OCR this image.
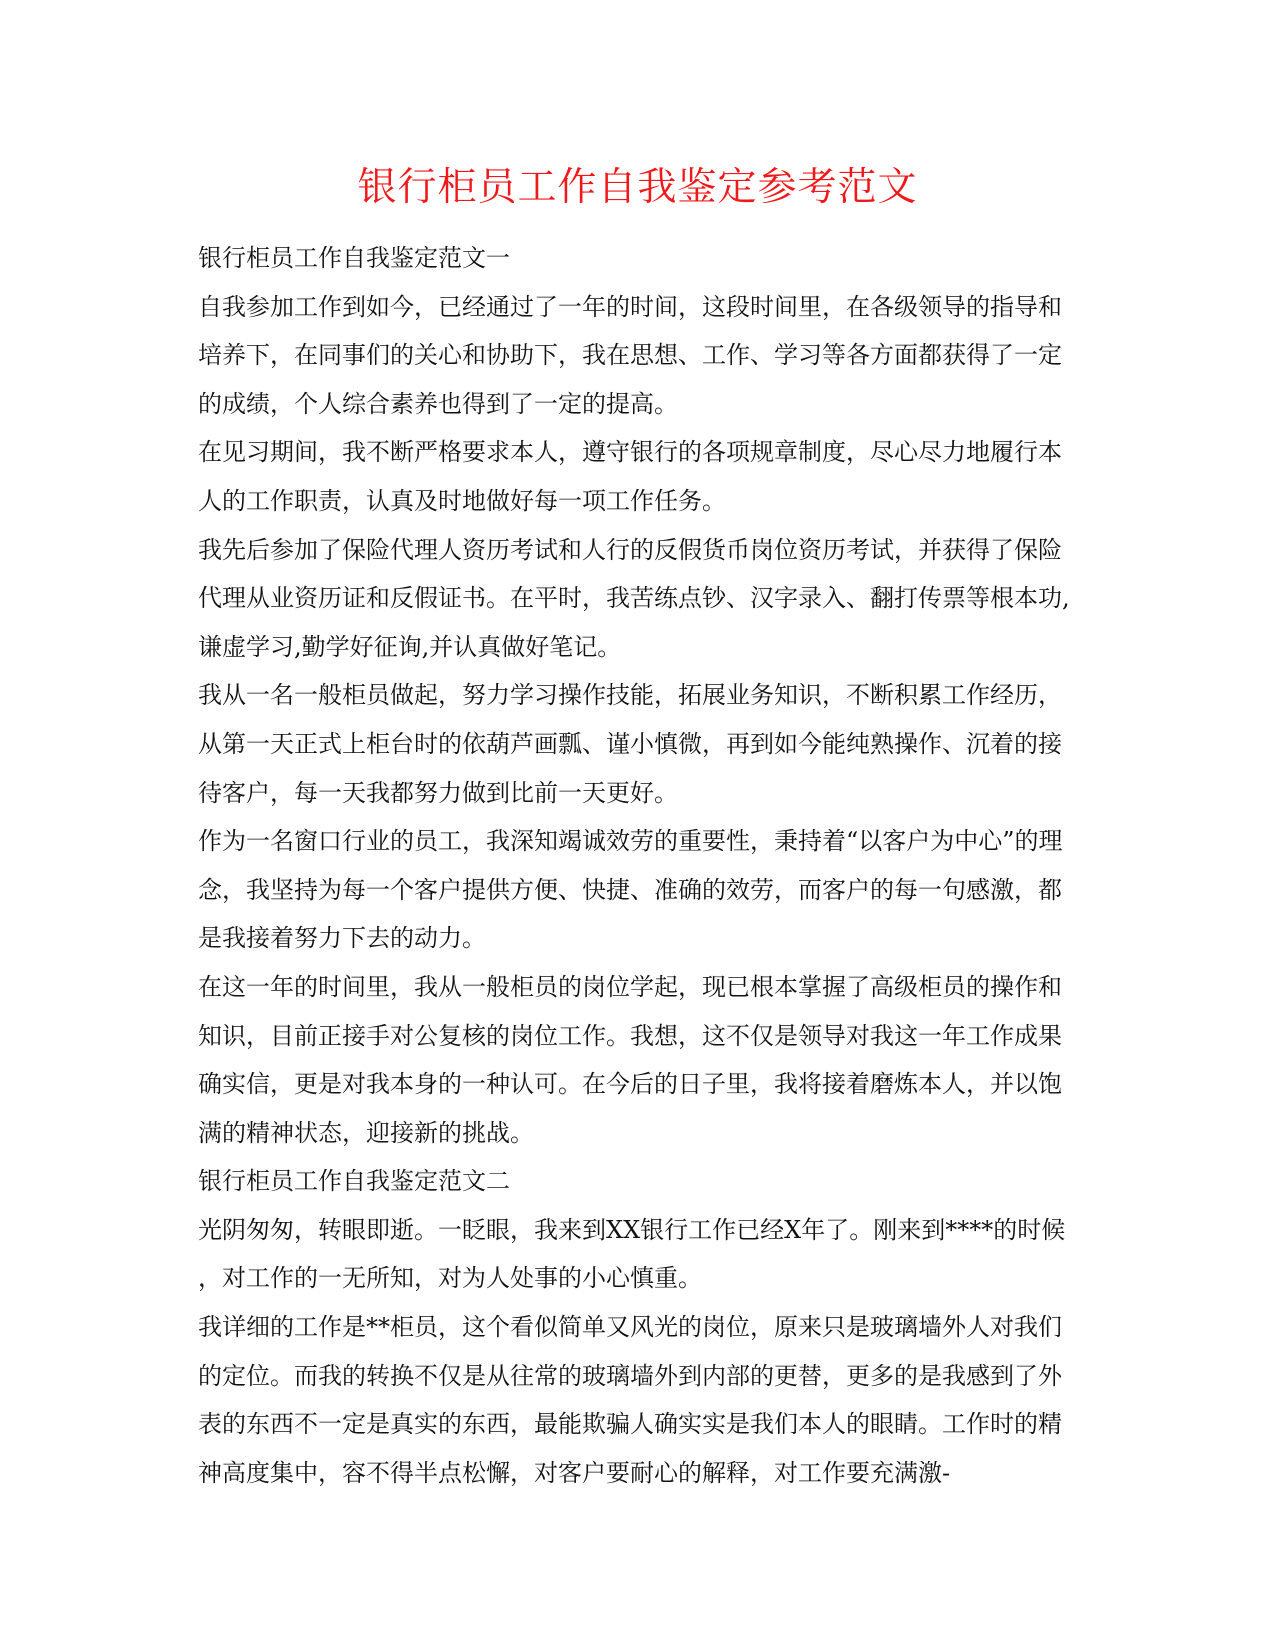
银行柜员工作自我鉴定参考范文

银行柜员工作自我鉴定范文一

自我参加工作到如今，已经通过了一年的时间，这段时间里，在各级领导的指导和培养下，在同事们的关心和协助下，我在思想、工作、学习等各方面都获得了一定的成绩，个人综合素养也得到了一定的提高。

在见习期间，我不断严格要求本人，遵守银行的各项规章制度，尽心尽力地履行本人的工作职责，认真及时地做好每一项工作任务。

我先后参加了保险代理人资历考试和人行的反假货币岗位资历考试，并获得了保险代理从业资历证和反假证书。在平时，我苦练点钞、汉字录入、翻打传票等根本功,谦虚学习,勤学好征询,并认真做好笔记。

我从一名一般柜员做起，努力学习操作技能，拓展业务知识，不断积累工作经历，从第一天正式上柜台时的依葫芦画瓢、谨小慎微，再到如今能纯熟操作、沉着的接待客户，每一天我都努力做到比前一天更好。

作为一名窗口行业的员工，我深知竭诚效劳的重要性，秉持着“以客户为中心”的理念，我坚持为每一个客户提供方便、快捷、准确的效劳，而客户的每一句感激，都是我接着努力下去的动力。

在这一年的时间里，我从一般柜员的岗位学起，现已根本掌握了高级柜员的操作和知识，目前正接手对公复核的岗位工作。我想，这不仅是领导对我这一年工作成果确实信，更是对我本身的一种认可。在今后的日子里，我将接着磨炼本人，并以饱满的精神状态，迎接新的挑战。

银行柜员工作自我鉴定范文二

光阴匆匆，转眼即逝。一眨眼，我来到XX银行工作已经X年了。刚来到****的时候，对工作的一无所知，对为人处事的小心慎重。

我详细的工作是**柜员，这个看似简单又风光的岗位，原来只是玻璃墙外人对我们的定位。而我的转换不仅是从往常的玻璃墙外到内部的更替，更多的是我感到了外表的东西不一定是真实的东西，最能欺骗人确实实是我们本人的眼睛。工作时的精神高度集中，容不得半点松懈，对客户要耐心的解释，对工作要充满激-
